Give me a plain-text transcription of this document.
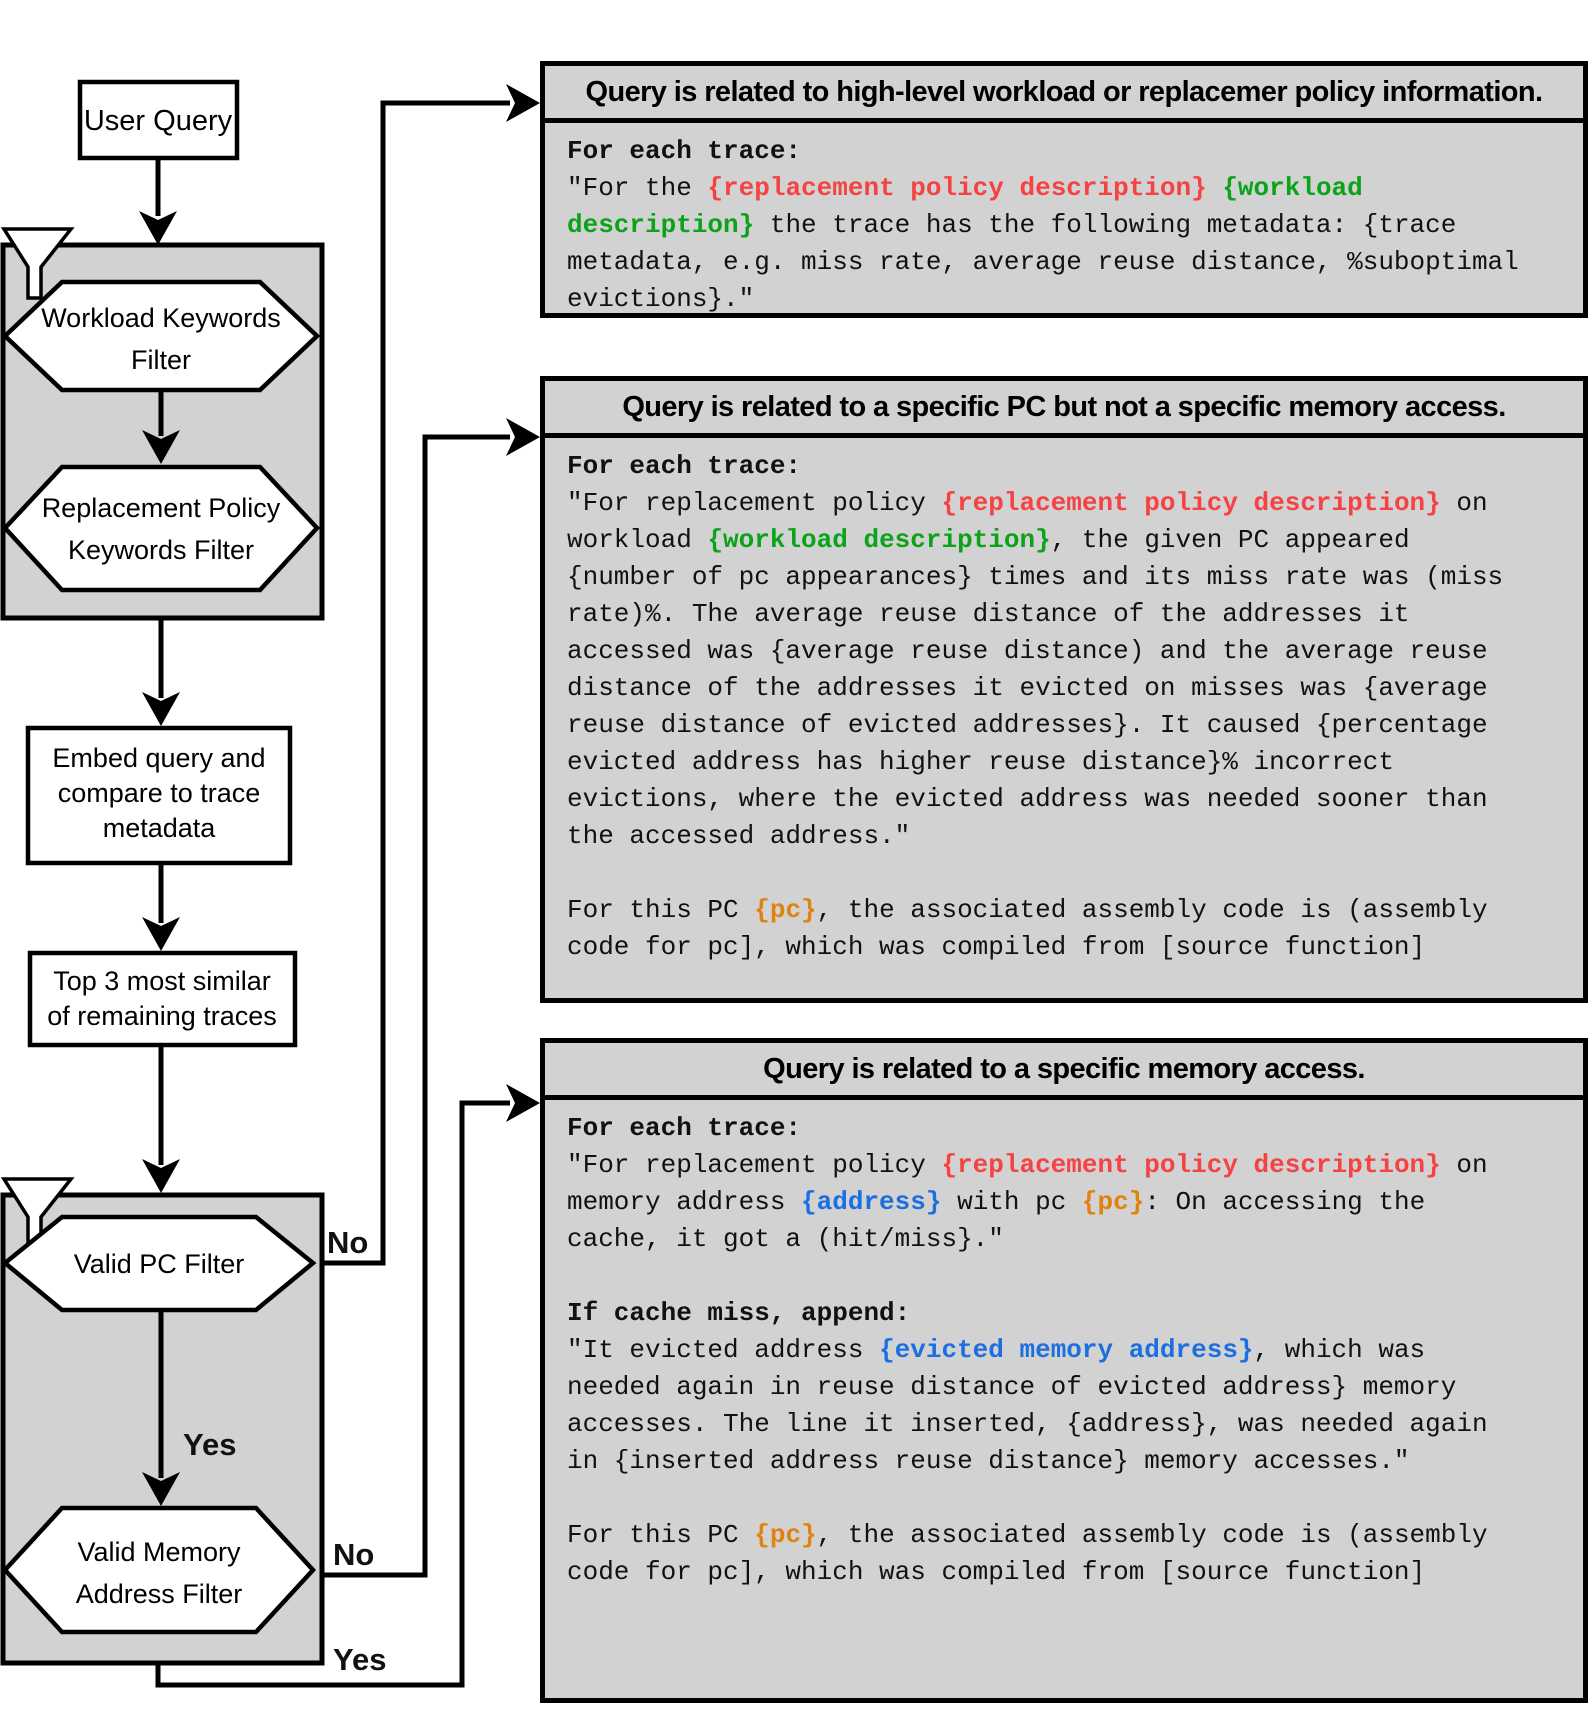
User Query
Workload Keywords
Filter
Replacement Policy
Keywords Filter
Embed query and
compare to trace
metadata
Top 3 most similar
of remaining traces
Valid PC Filter
No
Yes
Valid Memory
Address Filter
No
Yes
Query is related to high-level workload or replacemer policy information.
For each trace:
"For the {replacement policy description} {workload
description} the trace has the following metadata: {trace
metadata, e.g. miss rate, average reuse distance, %suboptimal
evictions}."
Query is related to a specific PC but not a specific memory access.
For each trace:
"For replacement policy {replacement policy description} on
workload {workload description}, the given PC appeared
{number of pc appearances} times and its miss rate was (miss
rate)%. The average reuse distance of the addresses it
accessed was {average reuse distance) and the average reuse
distance of the addresses it evicted on misses was {average
reuse distance of evicted addresses}. It caused {percentage
evicted address has higher reuse distance}% incorrect
evictions, where the evicted address was needed sooner than
the accessed address."

For this PC {pc}, the associated assembly code is (assembly
code for pc], which was compiled from [source function]
Query is related to a specific memory access.
For each trace:
"For replacement policy {replacement policy description} on
memory address {address} with pc {pc}: On accessing the
cache, it got a (hit/miss}."

If cache miss, append:
"It evicted address {evicted memory address}, which was
needed again in reuse distance of evicted address} memory
accesses. The line it inserted, {address}, was needed again
in {inserted address reuse distance} memory accesses."

For this PC {pc}, the associated assembly code is (assembly
code for pc], which was compiled from [source function]
